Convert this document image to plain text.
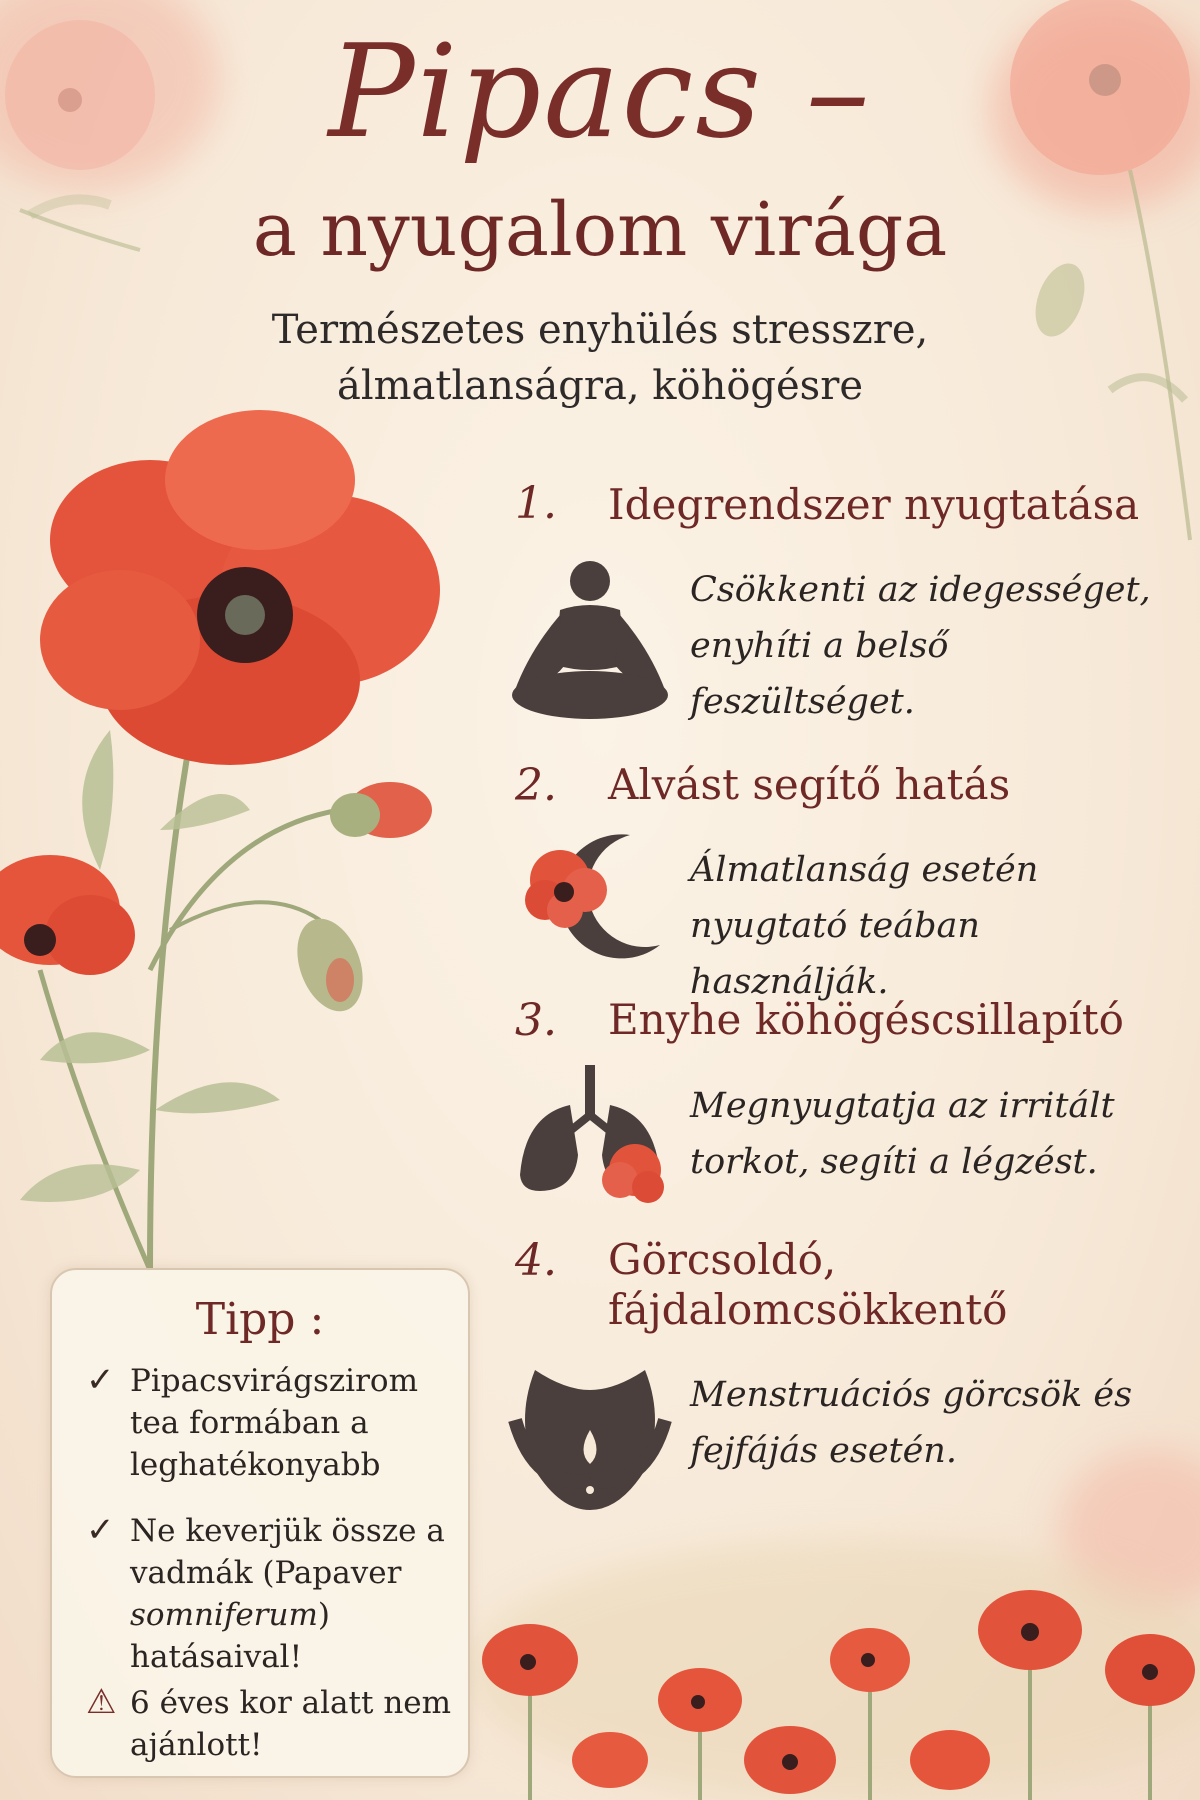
Pipacs –
a nyugalom virága
Természetes enyhülés stresszre, álmatlanságra, köhögésre
1. Idegrendszer nyugtatása
Csökkenti az idegességet, enyhíti a belső feszültséget.
2. Alvást segítő hatás
Álmatlanság esetén nyugtató teában használják.
3. Enyhe köhögéscsillapító
Megnyugtatja az irritált torkot, segíti a légzést.
4. Görcsoldó, fájdalomcsökkentő
Menstruációs görcsök és fejfájás esetén.
Tipp :
✓ Pipacsvirágszirom tea formában a leghatékonyabb
✓ Ne keverjük össze a vadmák (Papaver somniferum) hatásaival!
⚠ 6 éves kor alatt nem ajánlott!
